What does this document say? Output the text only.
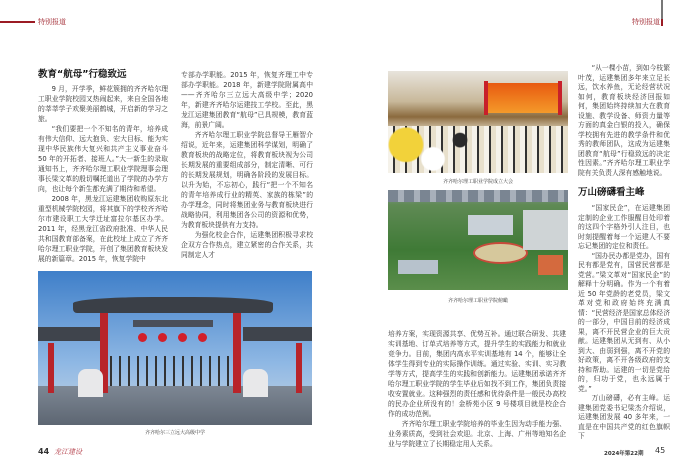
特别报道
教育“航母”行稳致远

9 月，开学季，鲜花簇拥的齐齐哈尔理工职业学院校园又热闹起来，来自全国各地的莘莘学子欢聚美丽鹤城，开启新的学习之旅。

“我们要把一个不知名的青年，培养成有伟大信仰、远大抱负、宏大目标、能为实现中华民族伟大复兴和共产主义事业奋斗 50 年的开拓者、接班人。”大一新生的录取通知书上，齐齐哈尔理工职业学院理事会理事长梁文革的殷切嘱托道出了学院的办学方向，也让每个新生都充满了期待和希望。

2008 年，黑龙江运建集团收购原东北重型机械学院校园，将其旗下的学校齐齐哈尔市建设职工大学迁址富拉尔基区办学。2011 年，经黑龙江省政府批准、中华人民共和国教育部备案，在此校址上成立了齐齐哈尔理工职业学院，开创了集团教育板块发展的新篇章。2015 年，恢复学院中

专部办学职能。2015 年，恢复齐理工中专部办学职能。2018 年，新建学院附属高中——齐齐哈尔三立远大高级中学；2020 年，新建齐齐哈尔运建技工学校。至此，黑龙江运建集团教育“航母”已具规模，教育蓝海，前景广阔。

齐齐哈尔理工职业学院总督导王雁智介绍说，近年来，运建集团科学谋划，明确了教育板块的战略定位，将教育板块视为公司长期发展的重要组成部分，制定清晰、可行的长期发展规划，明确各阶段的发展目标。以升为始，不忘初心，践行“把一个不知名的青年培养成行业的精英、家族的栋梁”的办学理念，同时将集团业务与教育板块进行战略协同，利用集团各公司的资源和优势，为教育板块提供有力支持。

为强化校企合作，运建集团积极寻求校企双方合作热点，建立紧密的合作关系，共同制定人才

齐齐哈尔三立远大高级中学
44 龙江建设
特别报道
齐齐哈尔理工职业学院成立大会
齐齐哈尔理工职业学院俯瞰

培养方案，实现资源共享、优势互补。通过联合研发、共建实训基地、订单式培养等方式，提升学生的实践能力和就业竞争力。目前，集团内高水平实训基地有 14 个，能够让全体学生得到专业的实际操作训练。通过实验、实训、实习教学等方式，提高学生的实践和创新能力。运建集团承诺齐齐哈尔理工职业学院的学生毕业后如找不到工作，集团负责接收安置就业。这种强烈的责任感和优待条件是一般民办高校的民办企业所没有的！金桥苑小区 9 号楼项目就是校企合作的成功范例。

齐齐哈尔理工职业学院培养的毕业生因为动手能力强、业务素质高，受到社会欢迎。北京、上海、广州等地知名企业与学院建立了长期稳定用人关系。

“从一棵小苗，到如今枝繁叶茂，运建集团多年来立足长远，饮水养鱼，无论经营状况如何，教育板块经济回报如何，集团始终持续加大在教育设施、教学设备、师资力量等方面的真金白银的投入，确保学校拥有先进的教学条件和优秀的教师团队，这成为运建集团教育“航母”行稳致远的决定性因素。”齐齐哈尔理工职业学院有关负责人深有感触地说。

万山磅礴看主峰

“国家民企”，在运建集团定制的企业工作服醒目处印着的这四个字格外引人注目，也时刻提醒着每一个运建人不要忘记集团的定位和责任。

“国办民办都是党办，国有民有都是党有，国营民营都是党营。”梁文革对“国家民企”的解释十分明确。作为一个有着近 50 年党龄的老党员，梁文革对党和政府始终充满真情：“民营经济是国家总体经济的一部分，中国目前的经济成果，离不开民营企业的巨大贡献。运建集团从无到有、从小到大、由弱到强，离不开党的好政策，离不开各级政府的支持和帮助。运建的一切是党给的，归功于党，也永远属于党。”

万山磅礴，必有主峰。运建集团党委书记梁杰介绍说，运建集团发展 40 多年来，一直是在中国共产党的红色旗帜下

2024年第22期 45
